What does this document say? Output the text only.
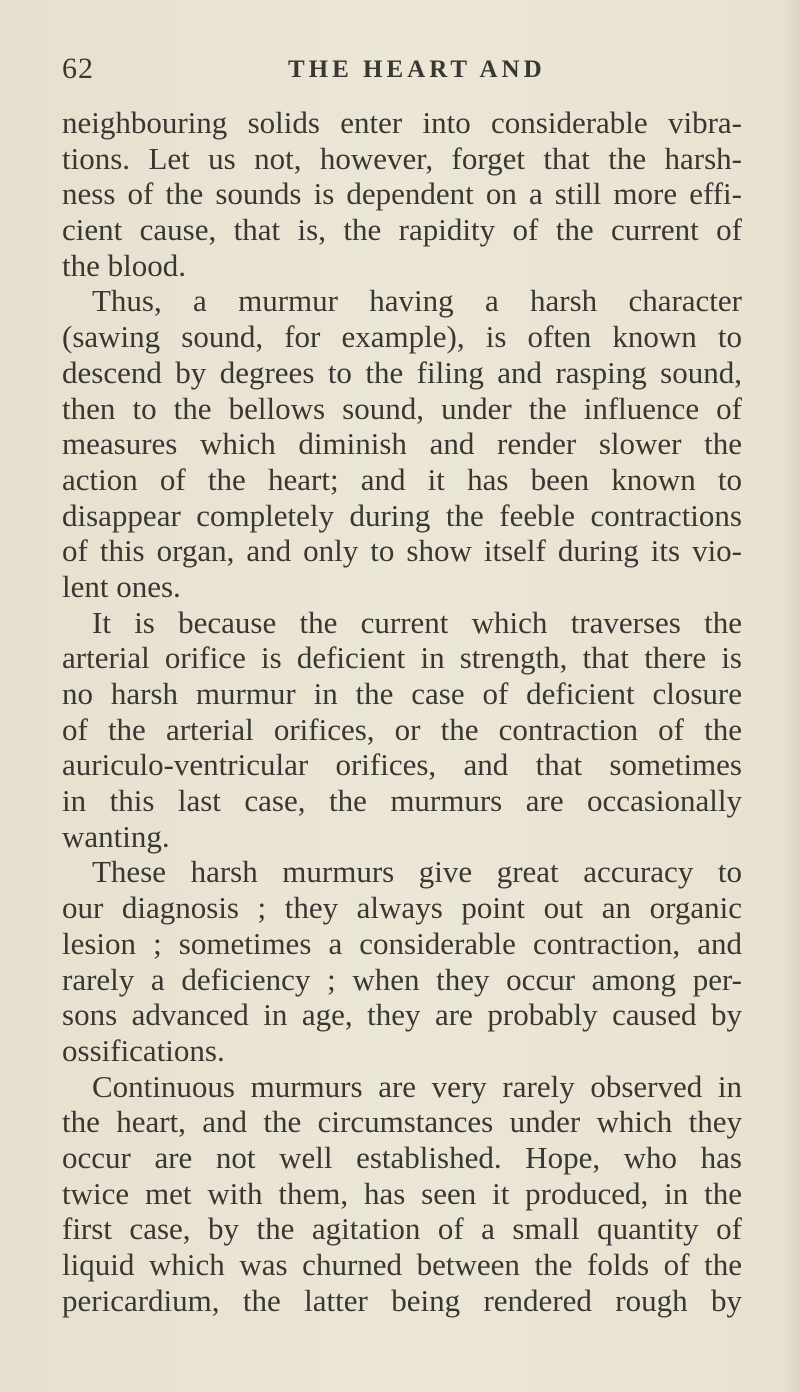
62	THE HEART AND
neighbouring solids enter into considerable vibra-
tions. Let us not, however, forget that the harsh-
ness of the sounds is dependent on a still more effi-
cient cause, that is, the rapidity of the current of
the blood.
Thus, a murmur having a harsh character
(sawing sound, for example), is often known to
descend by degrees to the filing and rasping sound,
then to the bellows sound, under the influence of
measures which diminish and render slower the
action of the heart; and it has been known to
disappear completely during the feeble contractions
of this organ, and only to show itself during its vio-
lent ones.
It is because the current which traverses the
arterial orifice is deficient in strength, that there is
no harsh murmur in the case of deficient closure
of the arterial orifices, or the contraction of the
auriculo-ventricular orifices, and that sometimes
in this last case, the murmurs are occasionally
wanting.
These harsh murmurs give great accuracy to
our diagnosis ; they always point out an organic
lesion ; sometimes a considerable contraction, and
rarely a deficiency ; when they occur among per-
sons advanced in age, they are probably caused by
ossifications.
Continuous murmurs are very rarely observed in
the heart, and the circumstances under which they
occur are not well established. Hope, who has
twice met with them, has seen it produced, in the
first case, by the agitation of a small quantity of
liquid which was churned between the folds of the
pericardium, the latter being rendered rough by
